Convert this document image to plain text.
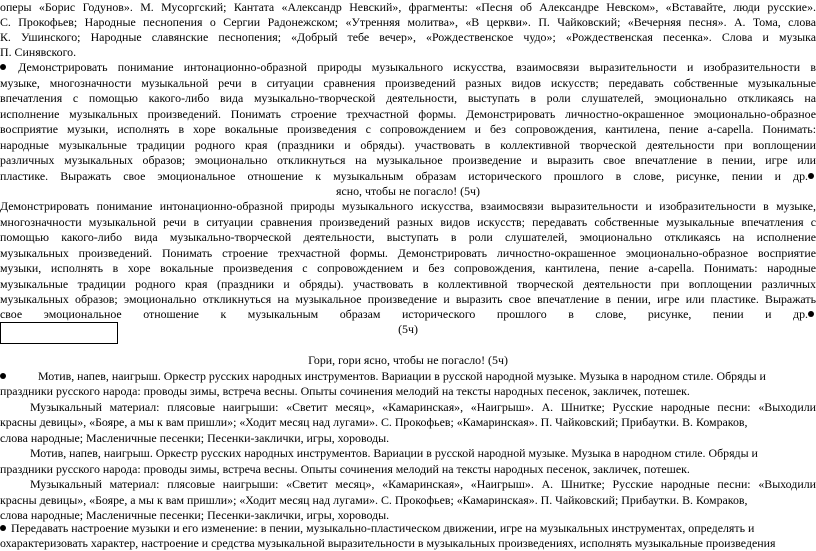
оперы «Борис Годунов». М. Мусоргский; Кантата «Александр Невский», фрагменты: «Песня об Александре Невском», «Вставайте, люди русские».
С. Прокофьев; Народные песнопения о Сергии Радонежском; «Утренняя молитва», «В церкви». П. Чайковский; «Вечерняя песня». А. Тома, слова
К. Ушинского; Народные славянские песнопения; «Добрый тебе вечер», «Рождественское чудо»; «Рождественская песенка». Слова и музыка
П. Синявского.
Демонстрировать понимание интонационно-образной природы музыкального искусства, взаимосвязи выразительности и изобразительности в
музыке, многозначности музыкальной речи в ситуации сравнения произведений разных видов искусств; передавать собственные музыкальные
впечатления с помощью какого-либо вида музыкально-творческой деятельности, выступать в роли слушателей, эмоционально откликаясь на
исполнение музыкальных произведений. Понимать строение трехчастной формы. Демонстрировать личностно-окрашенное эмоционально-образное
восприятие музыки, исполнять в хоре вокальные произведения с сопровождением и без сопровождения, кантилена, пение а-capella. Понимать:
народные музыкальные традиции родного края (праздники и обряды). участвовать в коллективной творческой деятельности при воплощении
различных музыкальных образов; эмоционально откликнуться на музыкальное произведение и выразить свое впечатление в пении, игре или
пластике. Выражать свое эмоциональное отношение к музыкальным образам исторического прошлого в слове, рисунке, пении и др.
ясно, чтобы не погасло! (5ч)
Демонстрировать понимание интонационно-образной природы музыкального искусства, взаимосвязи выразительности и изобразительности в музыке,
многозначности музыкальной речи в ситуации сравнения произведений разных видов искусств; передавать собственные музыкальные впечатления с
помощью какого-либо вида музыкально-творческой деятельности, выступать в роли слушателей, эмоционально откликаясь на исполнение
музыкальных произведений. Понимать строение трехчастной формы. Демонстрировать личностно-окрашенное эмоционально-образное восприятие
музыки, исполнять в хоре вокальные произведения с сопровождением и без сопровождения, кантилена, пение а-capella. Понимать: народные
музыкальные традиции родного края (праздники и обряды). участвовать в коллективной творческой деятельности при воплощении различных
музыкальных образов; эмоционально откликнуться на музыкальное произведение и выразить свое впечатление в пении, игре или пластике. Выражать
свое эмоциональное отношение к музыкальным образам исторического прошлого в слове, рисунке, пении и др.
(5ч)
Гори, гори ясно, чтобы не погасло! (5ч)
Мотив, напев, наигрыш. Оркестр русских народных инструментов. Вариации в русской народной музыке. Музыка в народном стиле. Обряды и
праздники русского народа: проводы зимы, встреча весны. Опыты сочинения мелодий на тексты народных песенок, закличек, потешек.
Музыкальный материал: плясовые наигрыши: «Светит месяц», «Камаринская», «Наигрыш». А. Шнитке; Русские народные песни: «Выходили
красны девицы», «Бояре, а мы к вам пришли»; «Ходит месяц над лугами». С. Прокофьев; «Камаринская». П. Чайковский; Прибаутки. В. Комраков,
слова народные; Масленичные песенки; Песенки-заклички, игры, хороводы.
Мотив, напев, наигрыш. Оркестр русских народных инструментов. Вариации в русской народной музыке. Музыка в народном стиле. Обряды и
праздники русского народа: проводы зимы, встреча весны. Опыты сочинения мелодий на тексты народных песенок, закличек, потешек.
Музыкальный материал: плясовые наигрыши: «Светит месяц», «Камаринская», «Наигрыш». А. Шнитке; Русские народные песни: «Выходили
красны девицы», «Бояре, а мы к вам пришли»; «Ходит месяц над лугами». С. Прокофьев; «Камаринская». П. Чайковский; Прибаутки. В. Комраков,
слова народные; Масленичные песенки; Песенки-заклички, игры, хороводы.
Передавать настроение музыки и его изменение: в пении, музыкально-пластическом движении, игре на музыкальных инструментах, определять и
охарактеризовать характер, настроение и средства музыкальной выразительности в музыкальных произведениях, исполнять музыкальные произведения
